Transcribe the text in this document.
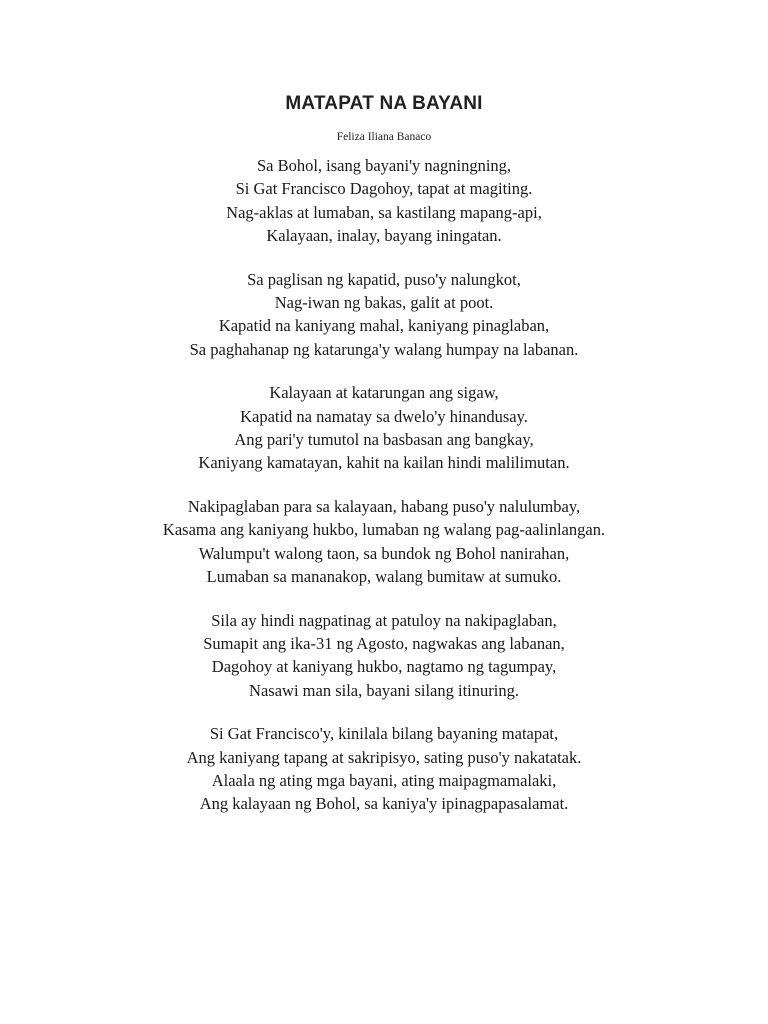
MATAPAT NA BAYANI
Feliza Iliana Banaco
Sa Bohol, isang bayani'y nagningning,
Si Gat Francisco Dagohoy, tapat at magiting.
Nag-aklas at lumaban, sa kastilang mapang-api,
Kalayaan, inalay, bayang iningatan.
Sa paglisan ng kapatid, puso'y nalungkot,
Nag-iwan ng bakas, galit at poot.
Kapatid na kaniyang mahal, kaniyang pinaglaban,
Sa paghahanap ng katarunga'y walang humpay na labanan.
Kalayaan at katarungan ang sigaw,
Kapatid na namatay sa dwelo'y hinandusay.
Ang pari'y tumutol na basbasan ang bangkay,
Kaniyang kamatayan, kahit na kailan hindi malilimutan.
Nakipaglaban para sa kalayaan, habang puso'y nalulumbay,
Kasama ang kaniyang hukbo, lumaban ng walang pag-aalinlangan.
Walumpu't walong taon, sa bundok ng Bohol nanirahan,
Lumaban sa mananakop, walang bumitaw at sumuko.
Sila ay hindi nagpatinag at patuloy na nakipaglaban,
Sumapit ang ika-31 ng Agosto, nagwakas ang labanan,
Dagohoy at kaniyang hukbo, nagtamo ng tagumpay,
Nasawi man sila, bayani silang itinuring.
Si Gat Francisco'y, kinilala bilang bayaning matapat,
Ang kaniyang tapang at sakripisyo, sating puso'y nakatatak.
Alaala ng ating mga bayani, ating maipagmamalaki,
Ang kalayaan ng Bohol, sa kaniya'y ipinagpapasalamat.
